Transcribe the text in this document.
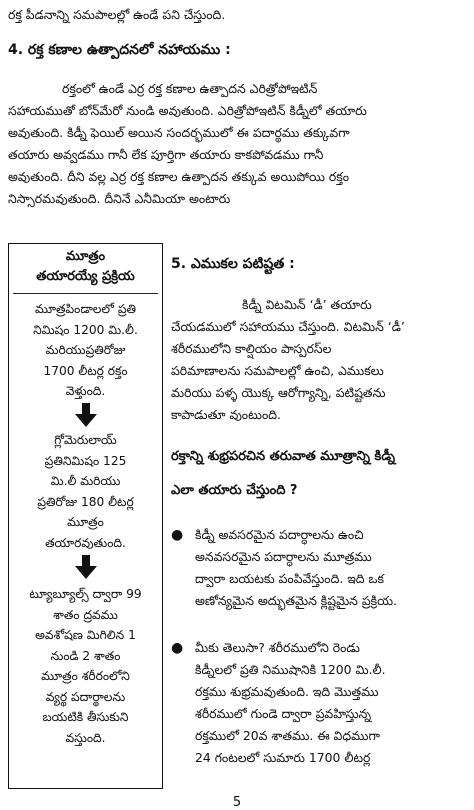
రక్త పీడనాన్ని సమపాలల్లో ఉండే పని చేస్తుంది.
4. రక్త కణాల ఉత్పాదనలో నహాయము :
రక్తంలో ఉండే ఎర్ర రక్త కణాల ఉత్పాదన ఎరిత్రోపోఇటిన్
సహాయముతో బోన్‌మేరో నుండి అవుతుంది. ఎరిత్రోపోఇటిన్ కిడ్నీలో తయారు
అవుతుంది. కిడ్నీ ఫెయిల్ అయిన సందర్భములో ఈ పదార్థము తక్కువగా
తయారు అవ్వడము గానీ లేక పూర్తిగా తయారు కాకపోవడము గానీ
అవుతుంది. దీని వల్ల ఎర్ర రక్త కణాల ఉత్పాదన తక్కువ అయిపోయి రక్తం
నిస్సారమవుతుంది. దీనినే ఎనీమియా అంటారు
మూత్రం
తయారయ్యే ప్రక్రియ
మూత్రపిండాలలో ప్రతి
నిమిషం 1200 మి.లీ.
మరియుప్రతిరోజు
1700 లీటర్ల రక్తం
వెళ్తుంది.
గ్లోమెరులాయ్
ప్రతినిమిషం 125
మి.లీ మరియు
ప్రతిరోజు 180 లీటర్ల
మూత్రం
తయారవుతుంది.
ట్యూబ్యూల్స్ ద్వారా 99
శాతం ద్రవము
అవశోషణ మిగిలిన 1
నుండి 2 శాతం
మూత్రం శరీరంలోని
వ్యర్థ పదార్థాలను
బయటికి తీసుకుని
వస్తుంది.
5. ఎముకల పటిష్టత :
కిడ్నీ విటమిన్ ‘డీ’ తయారు
చేయడములో సహాయము చేస్తుంది. విటమిన్ ‘డీ’
శరీరములోని కాల్షియం పాస్పరస్‌ల
పరిమాణాలను సమపాలల్లో ఉంచి, ఎముకలు
మరియు పళ్ళ యొక్క ఆరోగ్యాన్ని, పటిష్టతను
కాపాడుతూ వుంటుంది.
రక్తాన్ని శుభ్రపరచిన తరువాత మూత్రాన్ని కిడ్నీ
ఎలా తయారు చేస్తుంది ?
● కిడ్నీ అవసరమైన పదార్ధాలను ఉంచి
అనవసరమైన పదార్ధాలను మూత్రము
ద్వారా బయటకు పంపివేస్తుంది. ఇది ఒక
అణోన్యమైన అద్భుతమైన క్లిష్టమైన ప్రక్రియ.
● మీకు తెలుసా? శరీరములోని రెండు
కిడ్నీలలో ప్రతి నిముషానికి 1200 మి.లీ.
రక్తము శుభ్రమవుతుంది. ఇది మొత్తము
శరీరములో గుండె ద్వారా ప్రవహిస్తున్న
రక్తములో 20వ శాతము. ఈ విధముగా
24 గంటలలో సుమారు 1700 లీటర్ల
5
